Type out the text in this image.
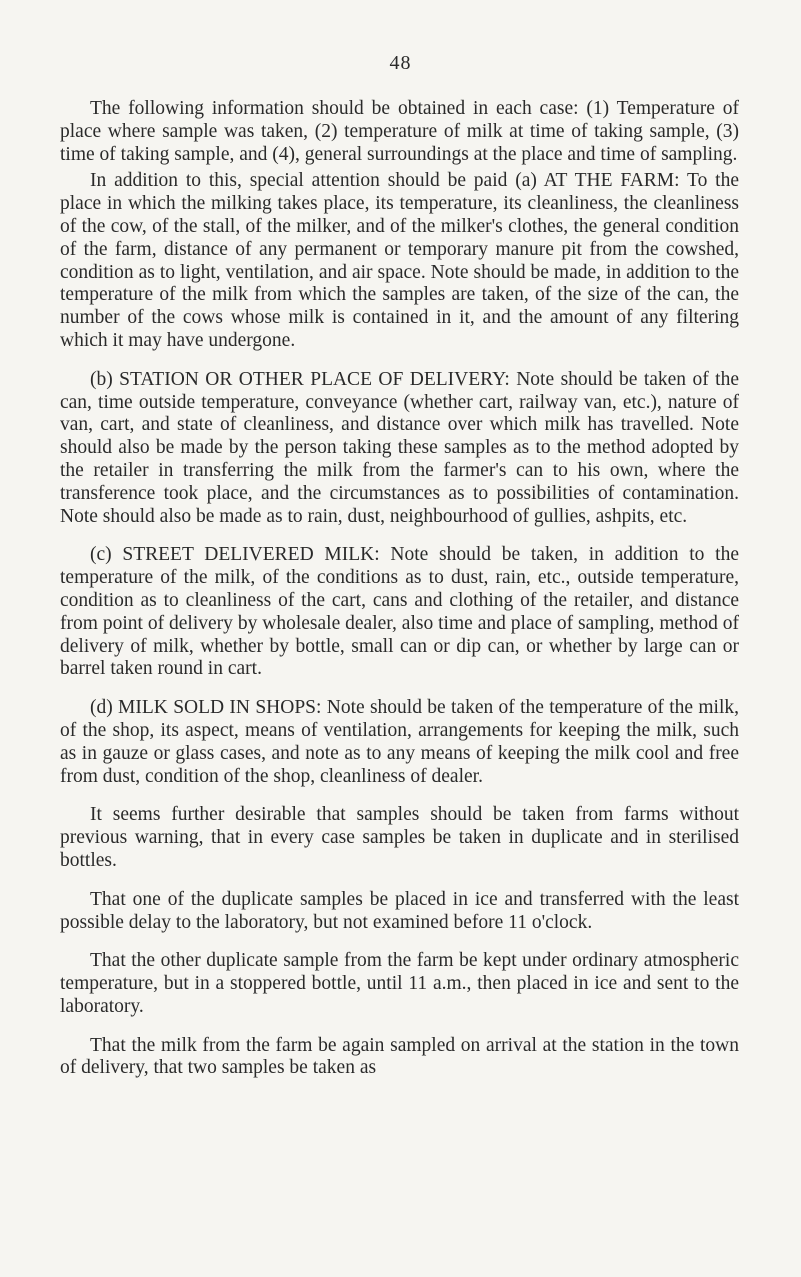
48

The following information should be obtained in each case: (1) Temperature of place where sample was taken, (2) temperature of milk at time of taking sample, (3) time of taking sample, and (4), general surroundings at the place and time of sampling.

In addition to this, special attention should be paid (a) AT THE FARM: To the place in which the milking takes place, its temperature, its cleanliness, the cleanliness of the cow, of the stall, of the milker, and of the milker's clothes, the general condition of the farm, distance of any permanent or temporary manure pit from the cowshed, condition as to light, ventilation, and air space. Note should be made, in addition to the temperature of the milk from which the samples are taken, of the size of the can, the number of the cows whose milk is contained in it, and the amount of any filtering which it may have undergone.

(b) STATION OR OTHER PLACE OF DELIVERY: Note should be taken of the can, time outside temperature, conveyance (whether cart, railway van, etc.), nature of van, cart, and state of cleanliness, and distance over which milk has travelled. Note should also be made by the person taking these samples as to the method adopted by the retailer in transferring the milk from the farmer's can to his own, where the transference took place, and the circumstances as to possibilities of contamination. Note should also be made as to rain, dust, neighbourhood of gullies, ashpits, etc.

(c) STREET DELIVERED MILK: Note should be taken, in addition to the temperature of the milk, of the conditions as to dust, rain, etc., outside temperature, condition as to cleanliness of the cart, cans and clothing of the retailer, and distance from point of delivery by wholesale dealer, also time and place of sampling, method of delivery of milk, whether by bottle, small can or dip can, or whether by large can or barrel taken round in cart.

(d) MILK SOLD IN SHOPS: Note should be taken of the temperature of the milk, of the shop, its aspect, means of ventilation, arrangements for keeping the milk, such as in gauze or glass cases, and note as to any means of keeping the milk cool and free from dust, condition of the shop, cleanliness of dealer.

It seems further desirable that samples should be taken from farms without previous warning, that in every case samples be taken in duplicate and in sterilised bottles.

That one of the duplicate samples be placed in ice and transferred with the least possible delay to the laboratory, but not examined before 11 o'clock.

That the other duplicate sample from the farm be kept under ordinary atmospheric temperature, but in a stoppered bottle, until 11 a.m., then placed in ice and sent to the laboratory.

That the milk from the farm be again sampled on arrival at the station in the town of delivery, that two samples be taken as
